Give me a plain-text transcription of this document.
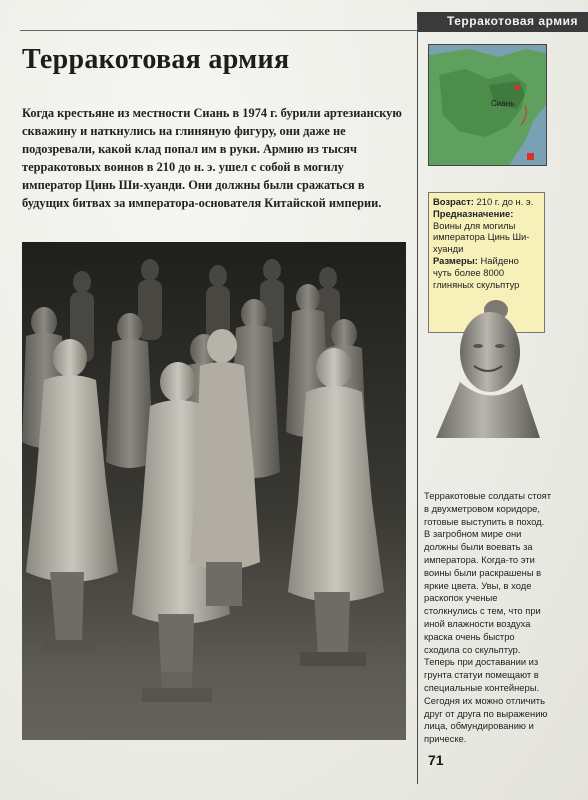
Терракотовая армия
Терракотовая армия

Когда крестьяне из местности Сиань в 1974 г. бурили артезианскую скважину и наткнулись на глиняную фигуру, они даже не подозревали, какой клад попал им в руки. Армию из тысяч терракотовых воинов в 210 до н. э. ушел с собой в могилу император Цинь Ши-хуанди. Они должны были сражаться в будущих битвах за императора-основателя Китайской империи.

Сиань
Возраст: 210 г. до н. э.
Предназначение: Воины для могилы императора Цинь Ши-хуанди
Размеры: Найдено чуть более 8000 глиняных скульптур

Терракотовые солдаты стоят в двухметровом коридоре, готовые выступить в поход. В загробном мире они должны были воевать за императора. Когда-то эти воины были раскрашены в яркие цвета. Увы, в ходе раскопок ученые столкнулись с тем, что при иной влажности воздуха краска очень быстро сходила со скульптур. Теперь при доставании из грунта статуи помещают в специальные контейнеры. Сегодня их можно отличить друг от друга по выражению лица, обмундированию и прическе.

71
